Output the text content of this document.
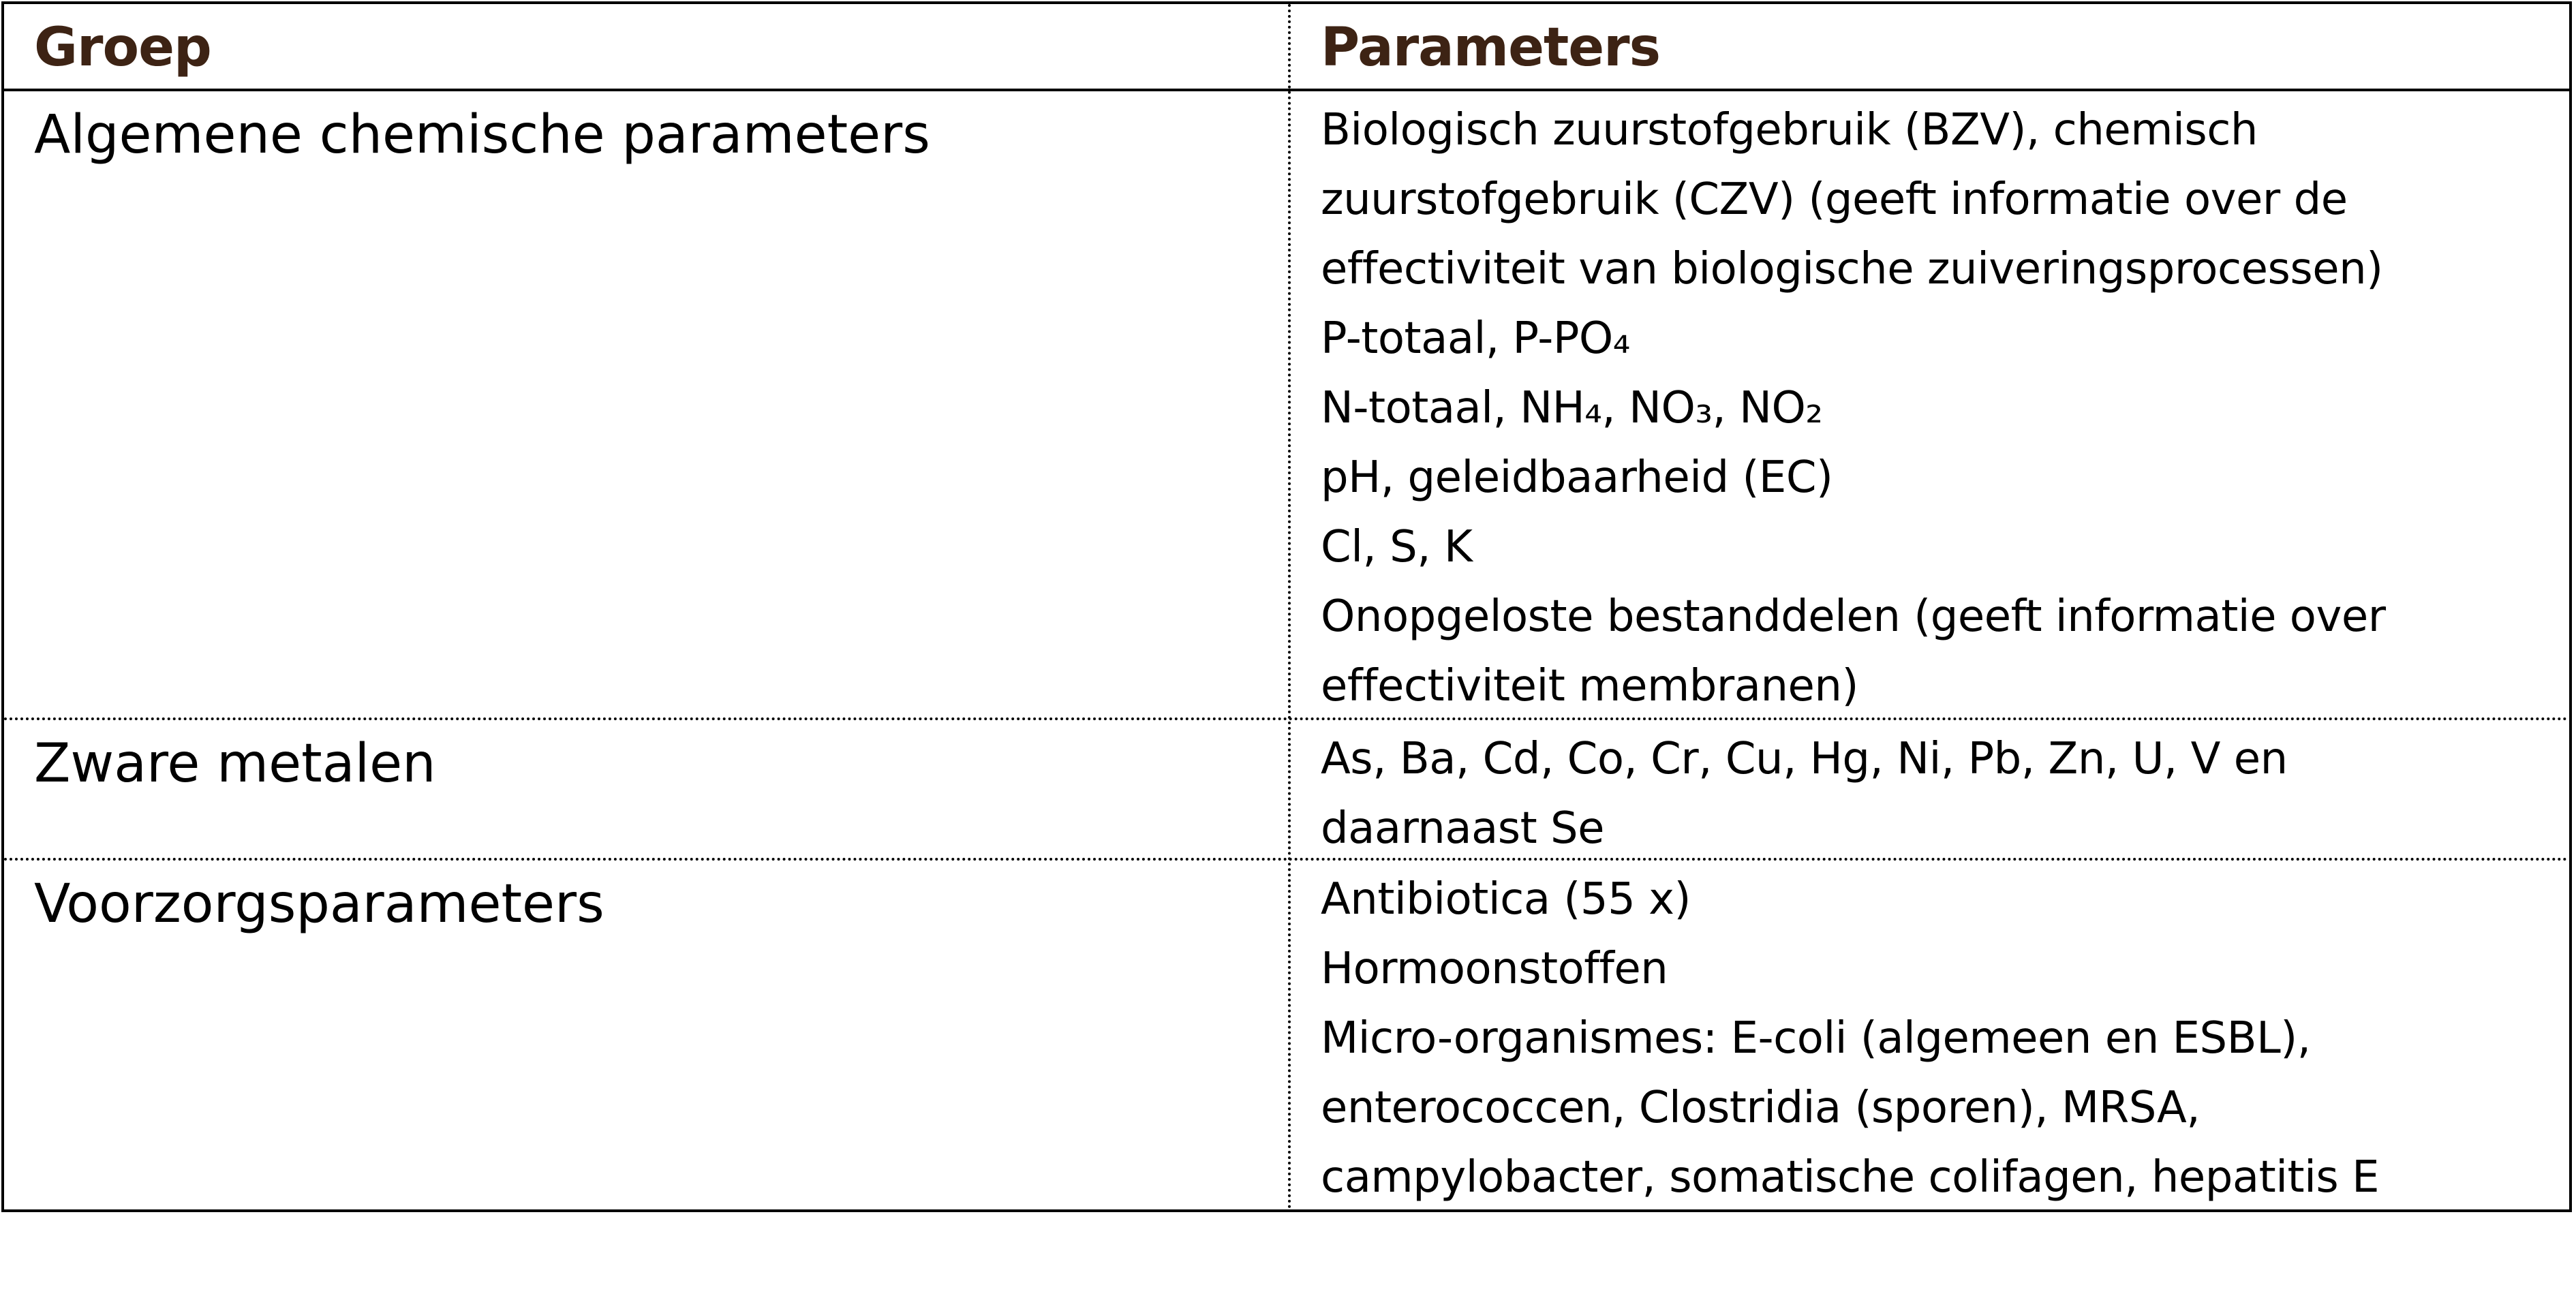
Groep	Parameters
Algemene chemische parameters	Biologisch zuurstofgebruik (BZV), chemisch
zuurstofgebruik (CZV) (geeft informatie over de
effectiviteit van biologische zuiveringsprocessen)
P-totaal, P-PO₄
N-totaal, NH₄, NO₃, NO₂
pH, geleidbaarheid (EC)
Cl, S, K
Onopgeloste bestanddelen (geeft informatie over
effectiviteit membranen)
Zware metalen	As, Ba, Cd, Co, Cr, Cu, Hg, Ni, Pb, Zn, U, V en
daarnaast Se
Voorzorgsparameters	Antibiotica (55 x)
Hormoonstoffen
Micro-organismes: E-coli (algemeen en ESBL),
enterococcen, Clostridia (sporen), MRSA,
campylobacter, somatische colifagen, hepatitis E
